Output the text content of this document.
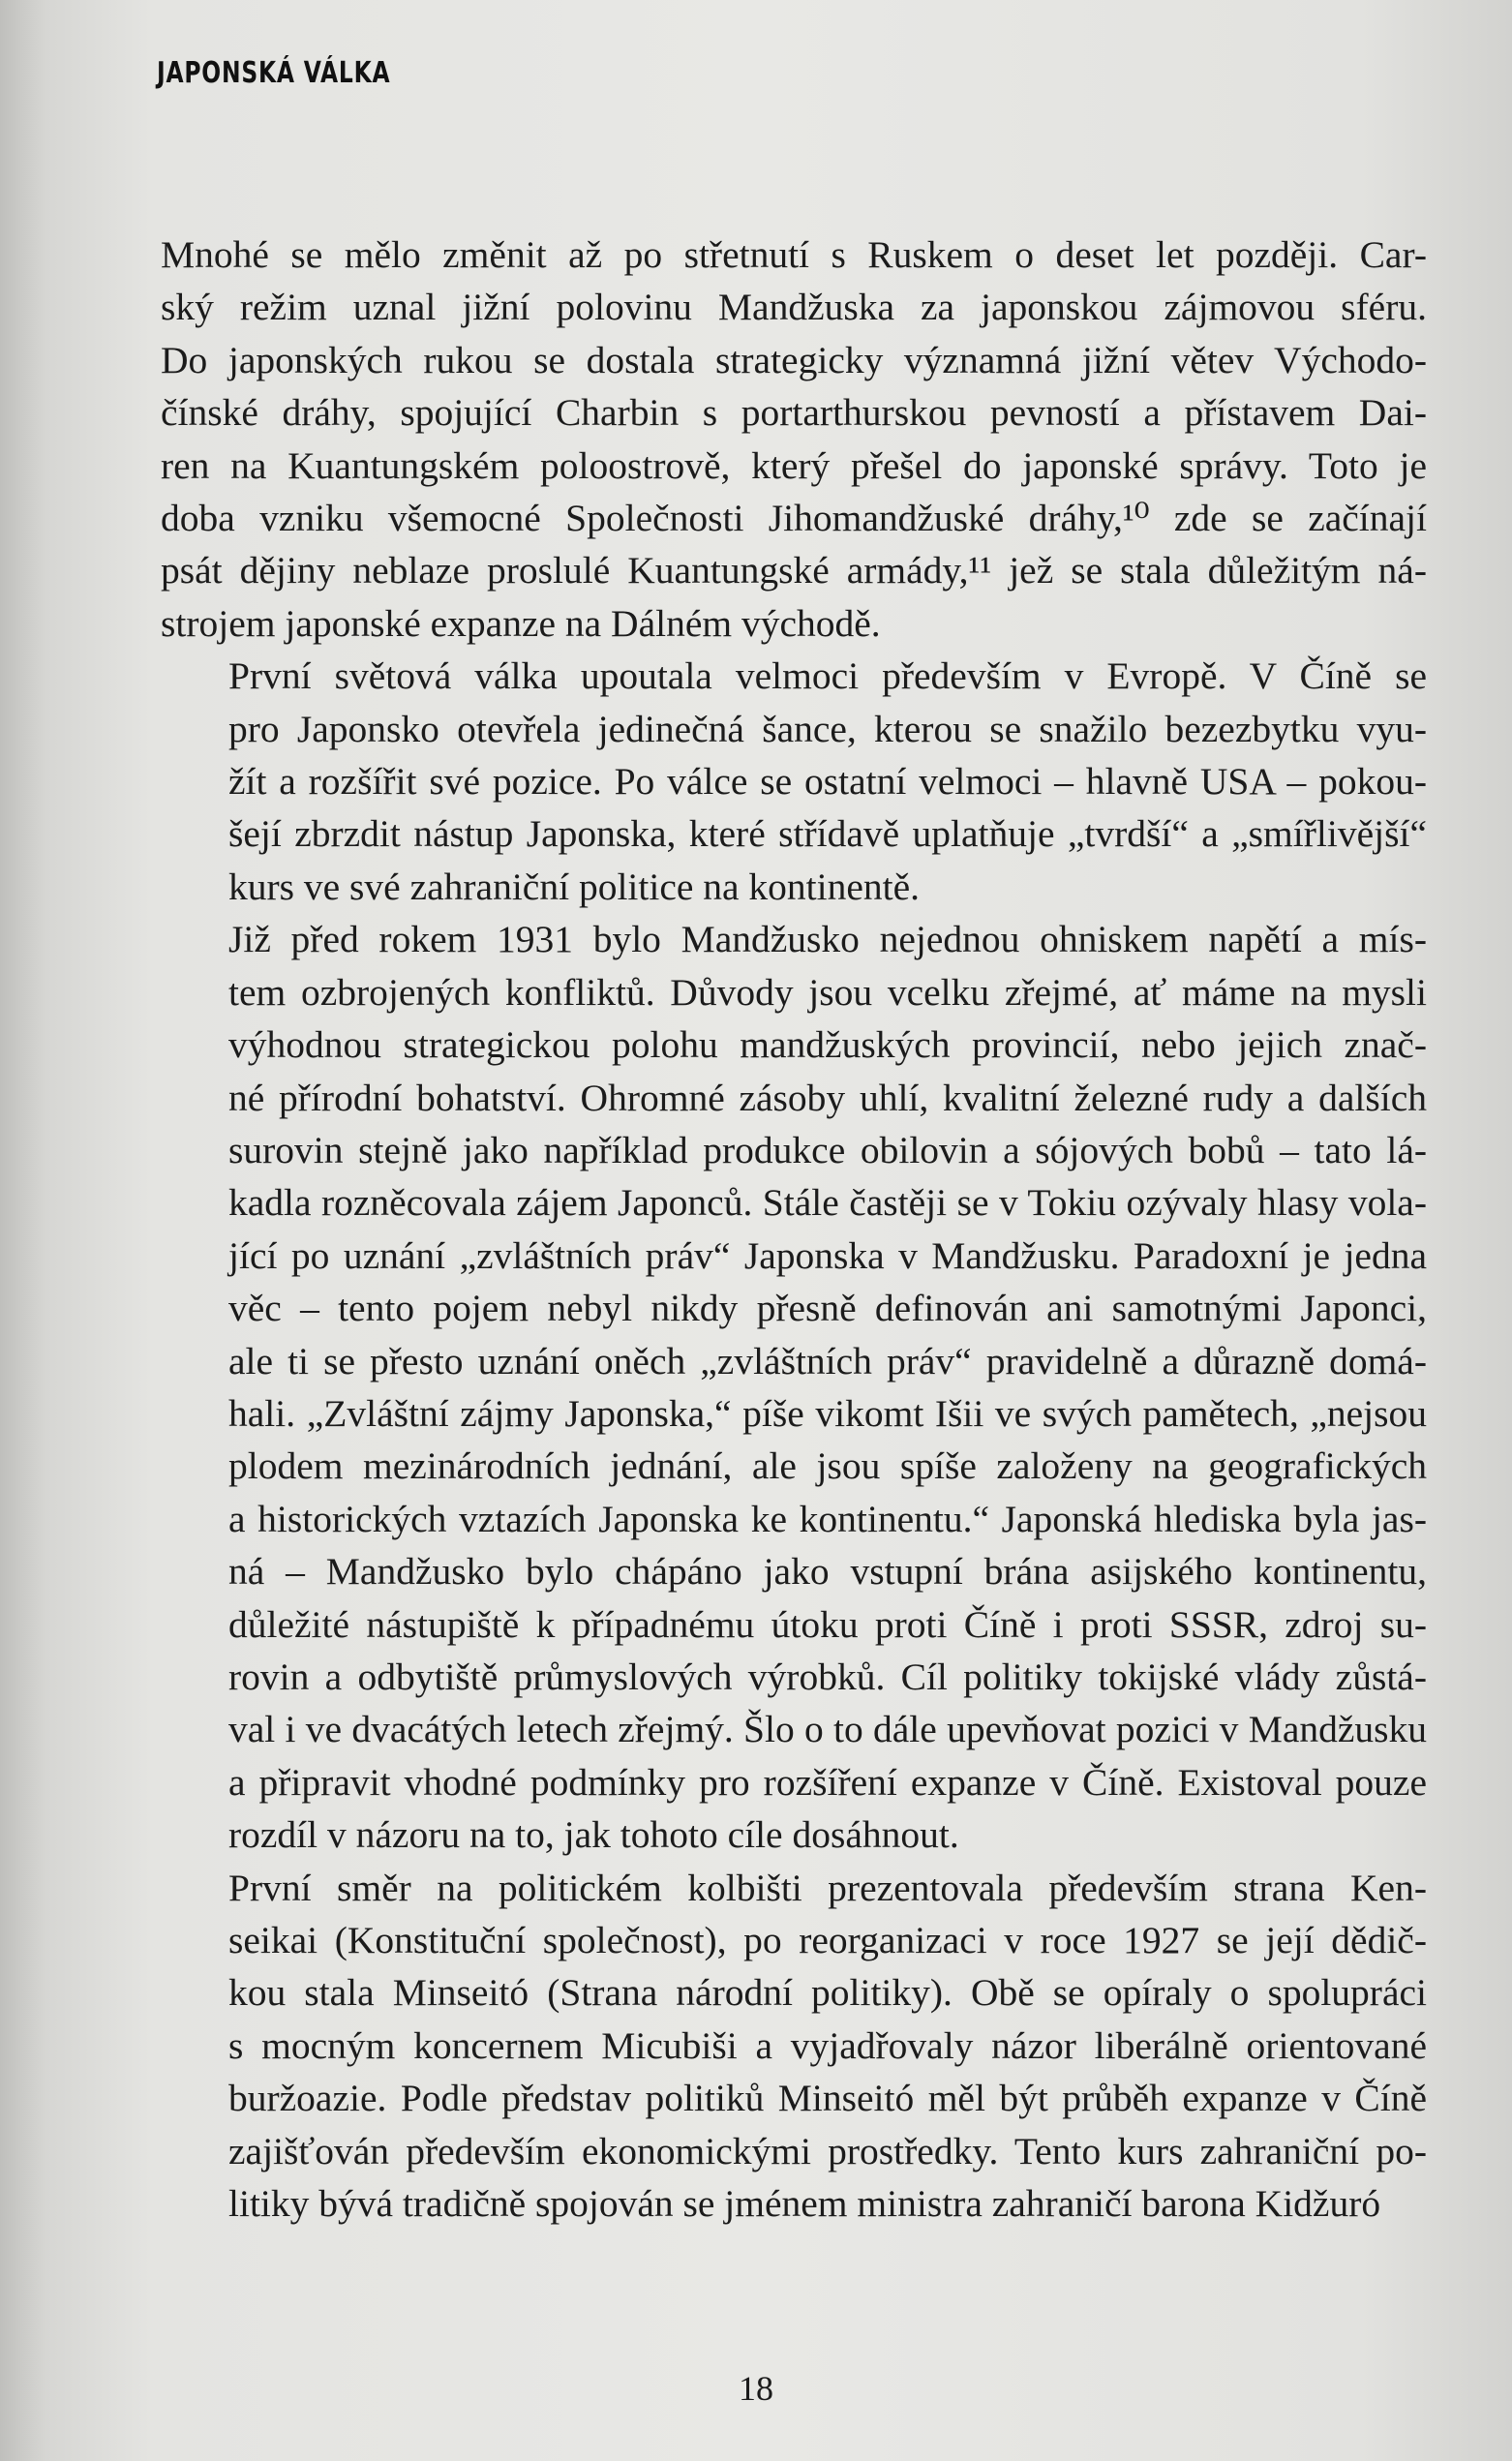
JAPONSKÁ VÁLKA
Mnohé se mělo změnit až po střetnutí s Ruskem o deset let později. Car-
ský režim uznal jižní polovinu Mandžuska za japonskou zájmovou sféru.
Do japonských rukou se dostala strategicky významná jižní větev Východo-
čínské dráhy, spojující Charbin s portarthurskou pevností a přístavem Dai-
ren na Kuantungském poloostrově, který přešel do japonské správy. Toto je
doba vzniku všemocné Společnosti Jihomandžuské dráhy,¹⁰ zde se začínají
psát dějiny neblaze proslulé Kuantungské armády,¹¹ jež se stala důležitým ná-
strojem japonské expanze na Dálném východě.
První světová válka upoutala velmoci především v Evropě. V Číně se
pro Japonsko otevřela jedinečná šance, kterou se snažilo bezezbytku vyu-
žít a rozšířit své pozice. Po válce se ostatní velmoci – hlavně USA – pokou-
šejí zbrzdit nástup Japonska, které střídavě uplatňuje „tvrdší“ a „smířlivější“
kurs ve své zahraniční politice na kontinentě.
Již před rokem 1931 bylo Mandžusko nejednou ohniskem napětí a mís-
tem ozbrojených konfliktů. Důvody jsou vcelku zřejmé, ať máme na mysli
výhodnou strategickou polohu mandžuských provincií, nebo jejich znač-
né přírodní bohatství. Ohromné zásoby uhlí, kvalitní železné rudy a dalších
surovin stejně jako například produkce obilovin a sójových bobů – tato lá-
kadla rozněcovala zájem Japonců. Stále častěji se v Tokiu ozývaly hlasy vola-
jící po uznání „zvláštních práv“ Japonska v Mandžusku. Paradoxní je jedna
věc – tento pojem nebyl nikdy přesně definován ani samotnými Japonci,
ale ti se přesto uznání oněch „zvláštních práv“ pravidelně a důrazně domá-
hali. „Zvláštní zájmy Japonska,“ píše vikomt Išii ve svých pamětech, „nejsou
plodem mezinárodních jednání, ale jsou spíše založeny na geografických
a historických vztazích Japonska ke kontinentu.“ Japonská hlediska byla jas-
ná – Mandžusko bylo chápáno jako vstupní brána asijského kontinentu,
důležité nástupiště k případnému útoku proti Číně i proti SSSR, zdroj su-
rovin a odbytiště průmyslových výrobků. Cíl politiky tokijské vlády zůstá-
val i ve dvacátých letech zřejmý. Šlo o to dále upevňovat pozici v Mandžusku
a připravit vhodné podmínky pro rozšíření expanze v Číně. Existoval pouze
rozdíl v názoru na to, jak tohoto cíle dosáhnout.
První směr na politickém kolbišti prezentovala především strana Ken-
seikai (Konstituční společnost), po reorganizaci v roce 1927 se její dědič-
kou stala Minseitó (Strana národní politiky). Obě se opíraly o spolupráci
s mocným koncernem Micubiši a vyjadřovaly názor liberálně orientované
buržoazie. Podle představ politiků Minseitó měl být průběh expanze v Číně
zajišťován především ekonomickými prostředky. Tento kurs zahraniční po-
litiky bývá tradičně spojován se jménem ministra zahraničí barona Kidžuró
18
